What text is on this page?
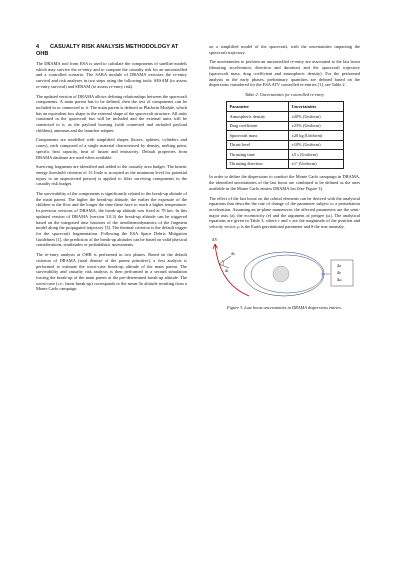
4 CASUALTY RISK ANALYSIS METHODOLOGY AT OHB

The DRAMA tool from ESA is used to calculate the components of satellite models which may survive the re-entry and to compute the casualty risk for an uncontrolled and a controlled scenario. The SARA module of DRAMA executes the re-entry survival and risk analyses in two steps using the following tools: SESAM (to assess re-entry survival) and SERAM (to assess re-entry risk).

The updated version of DRAMA allows defining relationships between the spacecraft components. A main parent has to be defined, then the rest of components can be included in or connected to it. The main parent is defined as Platform Module, which has an equivalent box shape to the external shape of the spacecraft structure. All units contained in the spacecraft bus will be included and the external units will be connected to it, as the payload housing (with connected and included payload children), antennas and the launcher adapter.

Components are modelled with simplified shapes (boxes, spheres, cylinders and cones), each composed of a single material characterised by density, melting point, specific heat capacity, heat of fusion and emissivity. Default properties from DRAMA database are used when available.

Surviving fragments are identified and added to the casualty area budget. The kinetic energy threshold criterion of 15 Joule is accepted as the minimum level for potential injury to an unprotected person) is applied to filter surviving components in the casualty risk budget.

The survivability of the components is significantly related to the break-up altitude of the main parent. The higher the break-up altitude, the earlier the exposure of the children to the flow and the longer the time these have to reach a higher temperature. In previous versions of DRAMA, the break-up altitude was fixed at 78 km. In this updated version of DRAMA (version 3.0.3) the break-up altitude can be triggered based on the integrated time histories of the aerothermodynamics of the fragment model along the propagated trajectory [3]. The thermal criterion is the default trigger for the spacecraft fragmentation. Following the ESA Space Debris Mitigation Guidelines [1], the prediction of the break-up altitudes can be based on valid physical considerations, similitudes or probabilistic assessments.

The re-entry analysis at OHB is performed in two phases. Based on the default criterion of DRAMA (total demise of the parent primitive), a first analysis is performed to estimate the worst-case break-up altitude of the main parent. The survivability and casualty risk analysis is then performed in a second simulation forcing the break-up of the main parent at the pre-determined break-up altitude. The worst-case (i.e.: latest break-up) corresponds to the mean-3σ altitude resulting from a Monte Carlo campaign

on a simplified model of the spacecraft, with the uncertainties impacting the spacecraft trajectory.

The uncertainties to perform an uncontrolled re-entry are associated to the last boost (thrusting acceleration, direction and duration) and the spacecraft trajectory (spacecraft mass, drag coefficient and atmospheric density). For the performed analysis in the early phases, preliminary quantities are defined based on the dispersions considered for the ESA ATV controlled re-entries [1], see Table 2.

Table 2. Uncertainties for controlled re-entry
Parameter	Uncertainties
Atmospheric density	±20% (Uniform)
Drag coefficient	±25% (Uniform)
Spacecraft mass	±20 kg (Uniform)
Thrust level	±10% (Uniform)
Thrusting time	±5 s (Uniform)
Thrusting direction	±1° (Uniform)

In order to define the dispersions to conduct the Monte Carlo campaign in DRAMA, the identified uncertainties of the last boost are combined to be defined as the ones available in the Monte Carlo entries DRAMA list (See Figure 3).

The effect of the last boost on the orbital elements can be derived with the analytical equations that describe the rate of change of the parameter subject to a perturbation acceleration. Assuming an in-plane manoeuvre, the affected parameters are the semi-major axis (a), the eccentricity (e) and the argument of perigee (ω). The analytical equations are given in Table 3, where r and v are the magnitude of the position and velocity vector, μ is the Earth gravitational parameter and θ the true anomaly.

ΔV
Δv
Δt
Δa
Δe
Δω
Figure 3. Last boost uncertainties in DRAMA dispersions entries.
